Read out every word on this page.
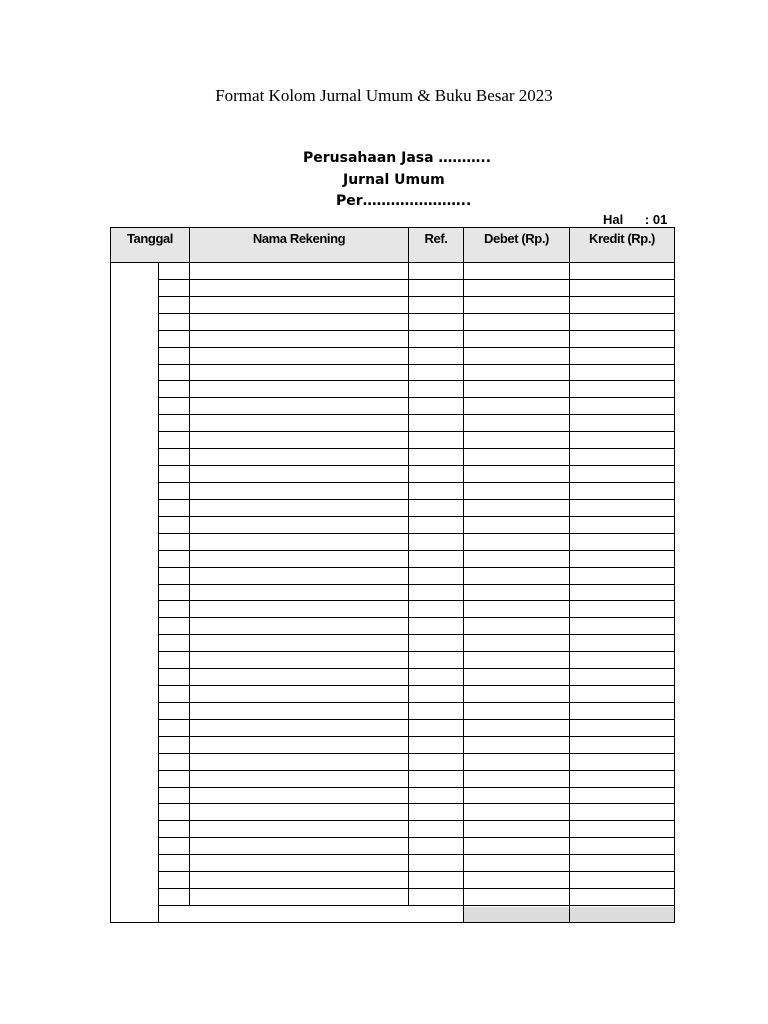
Format Kolom Jurnal Umum & Buku Besar 2023
Perusahaan Jasa ………..
Jurnal Umum
Per…………………..
Hal      : 01
Tanggal	Nama Rekening	Ref.	Debet (Rp.)	Kredit (Rp.)
